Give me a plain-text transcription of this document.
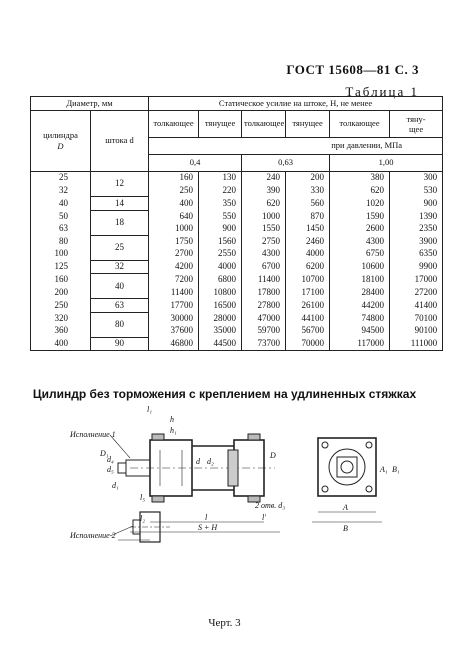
ГОСТ 15608—81 С. 3
Таблица 1
Диаметр, мм		Статическое усилие на штоке, Н, не менее					
цилиндра
D	штока d	толкающее	тянущее	толкающее	тянущее	толкающее	тяну-
щее
		при давлении, МПа					
		0,4		0,63		1,00	
25	12	160	130	240	200	380	300
32		250	220	390	330	620	530
40	14	400	350	620	560	1020	900
50	18	640	550	1000	870	1590	1390
63		1000	900	1550	1450	2600	2350
80	25	1750	1560	2750	2460	4300	3900
100		2700	2550	4300	4000	6750	6350
125	32	4200	4000	6700	6200	10600	9900
160	40	7200	6800	11400	10700	18100	17000
200		11400	10800	17800	17100	28400	27200
250	63	17700	16500	27800	26100	44200	41400
320	80	30000	28000	47000	44100	74800	70100
360		37600	35000	59700	56700	94500	90100
400	90	46800	44500	73700	70000	117000	111000
Цилиндр без торможения с креплением на удлиненных стяжках
Исполнение 1
Исполнение 2
l₁
h
h₁
l₅
D₁
d₄
d₅
d₁
d d₂
D
l	l'
S + H
2 отв. d₃
l₂
A
B
A₁ B₁
Черт. 3
